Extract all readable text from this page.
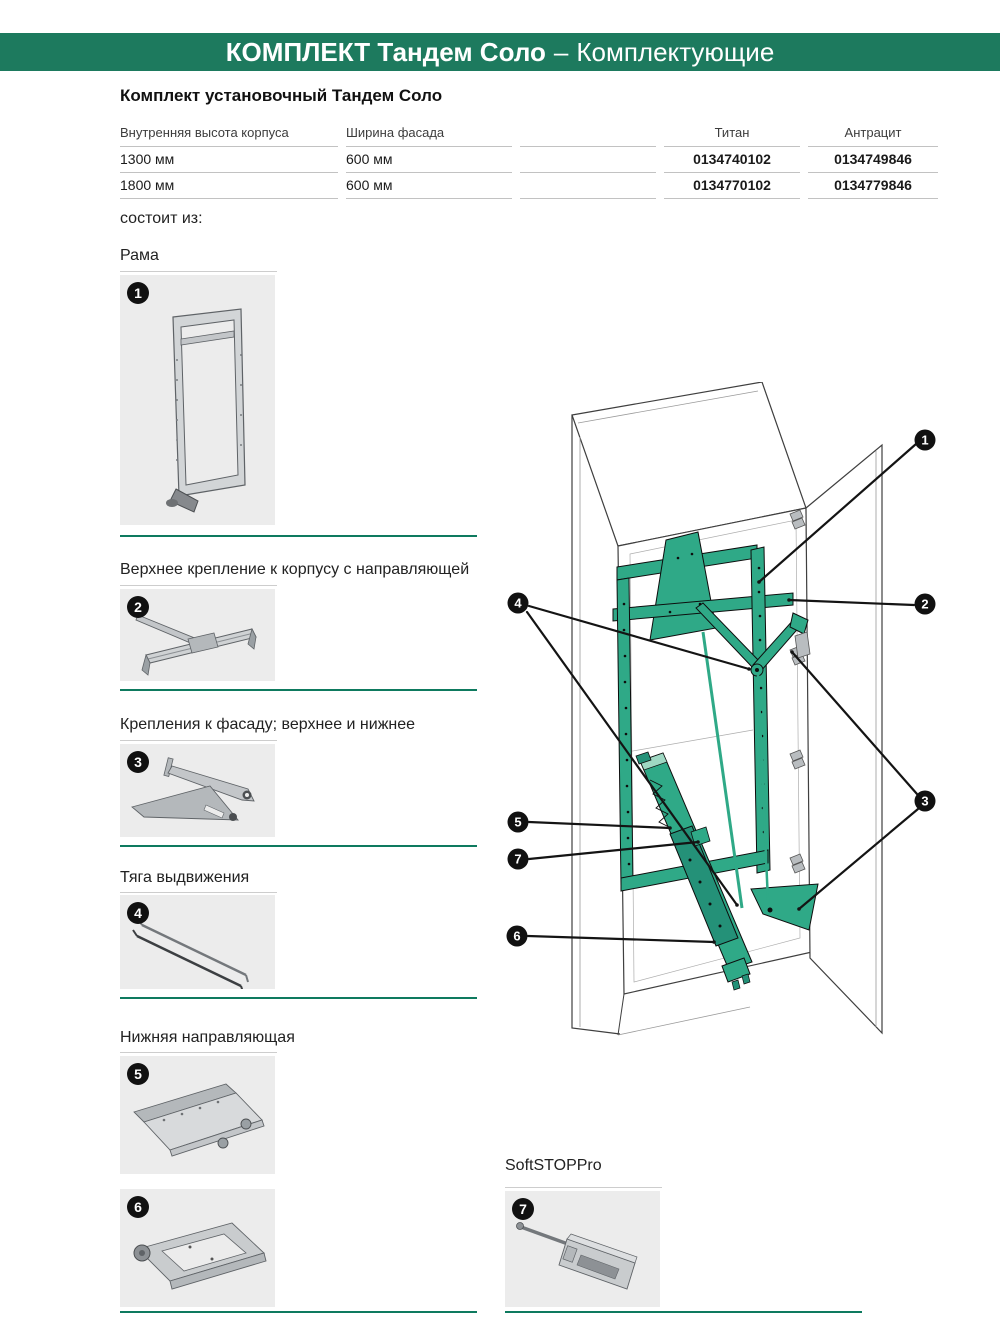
КОМПЛЕКТ Тандем Соло – Комплектующие
Комплект установочный Тандем Соло
Внутренняя высота корпуса	Ширина фасада	Титан	Антрацит
1300 мм	600 мм	0134740102	0134749846
1800 мм	600 мм	0134770102	0134779846
состоит из:
Рама
1
Верхнее крепление к корпусу с направляющей
2
Крепления к фасаду; верхнее и нижнее
3
Тяга выдвижения
4
Нижняя направляющая
5
6
SoftSTOPPro
7
1
2
3
4
5
7
6
